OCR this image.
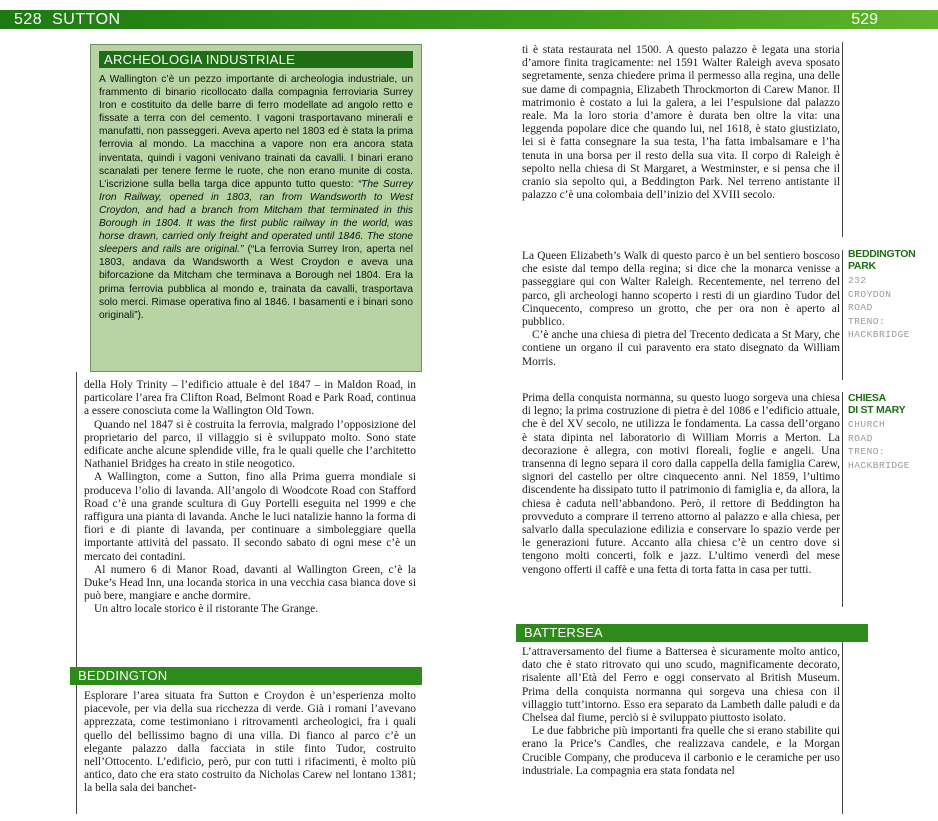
528  SUTTON	529
ARCHEOLOGIA INDUSTRIALE
A Wallington c’è un pezzo importante di archeologia industriale, un frammento di binario ricollocato dalla compagnia ferroviaria Surrey Iron e costituito da delle barre di ferro modellate ad angolo retto e fissate a terra con del cemento. I vagoni trasportavano minerali e manufatti, non passeggeri. Aveva aperto nel 1803 ed è stata la prima ferrovia al mondo. La macchina a vapore non era ancora stata inventata, quindi i vagoni venivano trainati da cavalli. I binari erano scanalati per tenere ferme le ruote, che non erano munite di costa. L’iscrizione sulla bella targa dice appunto tutto questo: “The Surrey Iron Railway, opened in 1803, ran from Wandsworth to West Croydon, and had a branch from Mitcham that terminated in this Borough in 1804. It was the first public railway in the world, was horse drawn, carried only freight and operated until 1846. The stone sleepers and rails are original.” (“La ferrovia Surrey Iron, aperta nel 1803, andava da Wandsworth a West Croydon e aveva una biforcazione da Mitcham che terminava a Borough nel 1804. Era la prima ferrovia pubblica al mondo e, trainata da cavalli, trasportava solo merci. Rimase operativa fino al 1846. I basamenti e i binari sono originali”).

della Holy Trinity – l’edificio attuale è del 1847 – in Maldon Road, in particolare l’area fra Clifton Road, Belmont Road e Park Road, continua a essere conosciuta come la Wallington Old Town.

Quando nel 1847 si è costruita la ferrovia, malgrado l’opposizione del proprietario del parco, il villaggio si è sviluppato molto. Sono state edificate anche alcune splendide ville, fra le quali quelle che l’architetto Nathaniel Bridges ha creato in stile neogotico.

A Wallington, come a Sutton, fino alla Prima guerra mondiale si produceva l’olio di lavanda. All’angolo di Woodcote Road con Stafford Road c’è una grande scultura di Guy Portelli eseguita nel 1999 e che raffigura una pianta di lavanda. Anche le luci natalizie hanno la forma di fiori e di piante di lavanda, per continuare a simboleggiare quella importante attività del passato. Il secondo sabato di ogni mese c’è un mercato dei contadini.

Al numero 6 di Manor Road, davanti al Wallington Green, c’è la Duke’s Head Inn, una locanda storica in una vecchia casa bianca dove si può bere, mangiare e anche dormire.

Un altro locale storico è il ristorante The Grange.

BEDDINGTON

Esplorare l’area situata fra Sutton e Croydon è un’esperienza molto piacevole, per via della sua ricchezza di verde. Già i romani l’avevano apprezzata, come testimoniano i ritrovamenti archeologici, fra i quali quello del bellissimo bagno di una villa. Di fianco al parco c’è un elegante palazzo dalla facciata in stile finto Tudor, costruito nell’Ottocento. L’edificio, però, pur con tutti i rifacimenti, è molto più antico, dato che era stato costruito da Nicholas Carew nel lontano 1381; la bella sala dei banchet-

ti è stata restaurata nel 1500. A questo palazzo è legata una storia d’amore finita tragicamente: nel 1591 Walter Raleigh aveva sposato segretamente, senza chiedere prima il permesso alla regina, una delle sue dame di compagnia, Elizabeth Throckmorton di Carew Manor. Il matrimonio è costato a lui la galera, a lei l’espulsione dal palazzo reale. Ma la loro storia d’amore è durata ben oltre la vita: una leggenda popolare dice che quando lui, nel 1618, è stato giustiziato, lei si è fatta consegnare la sua testa, l’ha fatta imbalsamare e l’ha tenuta in una borsa per il resto della sua vita. Il corpo di Raleigh è sepolto nella chiesa di St Margaret, a Westminster, e si pensa che il cranio sia sepolto qui, a Beddington Park. Nel terreno antistante il palazzo c’è una colombaia dell’inizio del XVIII secolo.

La Queen Elizabeth’s Walk di questo parco è un bel sentiero boscoso che esiste dal tempo della regina; si dice che la monarca venisse a passeggiare qui con Walter Raleigh. Recentemente, nel terreno del parco, gli archeologi hanno scoperto i resti di un giardino Tudor del Cinquecento, compreso un grotto, che per ora non è aperto al pubblico.

C’è anche una chiesa di pietra del Trecento dedicata a St Mary, che contiene un organo il cui paravento era stato disegnato da William Morris.

Prima della conquista normanna, su questo luogo sorgeva una chiesa di legno; la prima costruzione di pietra è del 1086 e l’edificio attuale, che è del XV secolo, ne utilizza le fondamenta. La cassa dell’organo è stata dipinta nel laboratorio di William Morris a Merton. La decorazione è allegra, con motivi floreali, foglie e angeli. Una transenna di legno separa il coro dalla cappella della famiglia Carew, signori del castello per oltre cinquecento anni. Nel 1859, l’ultimo discendente ha dissipato tutto il patrimonio di famiglia e, da allora, la chiesa è caduta nell’abbandono. Però, il rettore di Beddington ha provveduto a comprare il terreno attorno al palazzo e alla chiesa, per salvarlo dalla speculazione edilizia e conservare lo spazio verde per le generazioni future. Accanto alla chiesa c’è un centro dove si tengono molti concerti, folk e jazz. L’ultimo venerdì del mese vengono offerti il caffè e una fetta di torta fatta in casa per tutti.

BATTERSEA

L’attraversamento del fiume a Battersea è sicuramente molto antico, dato che è stato ritrovato qui uno scudo, magnificamente decorato, risalente all’Età del Ferro e oggi conservato al British Museum. Prima della conquista normanna qui sorgeva una chiesa con il villaggio tutt’intorno. Esso era separato da Lambeth dalle paludi e da Chelsea dal fiume, perciò si è sviluppato piuttosto isolato.

Le due fabbriche più importanti fra quelle che si erano stabilite qui erano la Price’s Candles, che realizzava candele, e la Morgan Crucible Company, che produceva il carbonio e le ceramiche per uso industriale. La compagnia era stata fondata nel

BEDDINGTON
PARK
232
CROYDON
ROAD
TRENO:
HACKBRIDGE
CHIESA
DI ST MARY
CHURCH
ROAD
TRENO:
HACKBRIDGE
